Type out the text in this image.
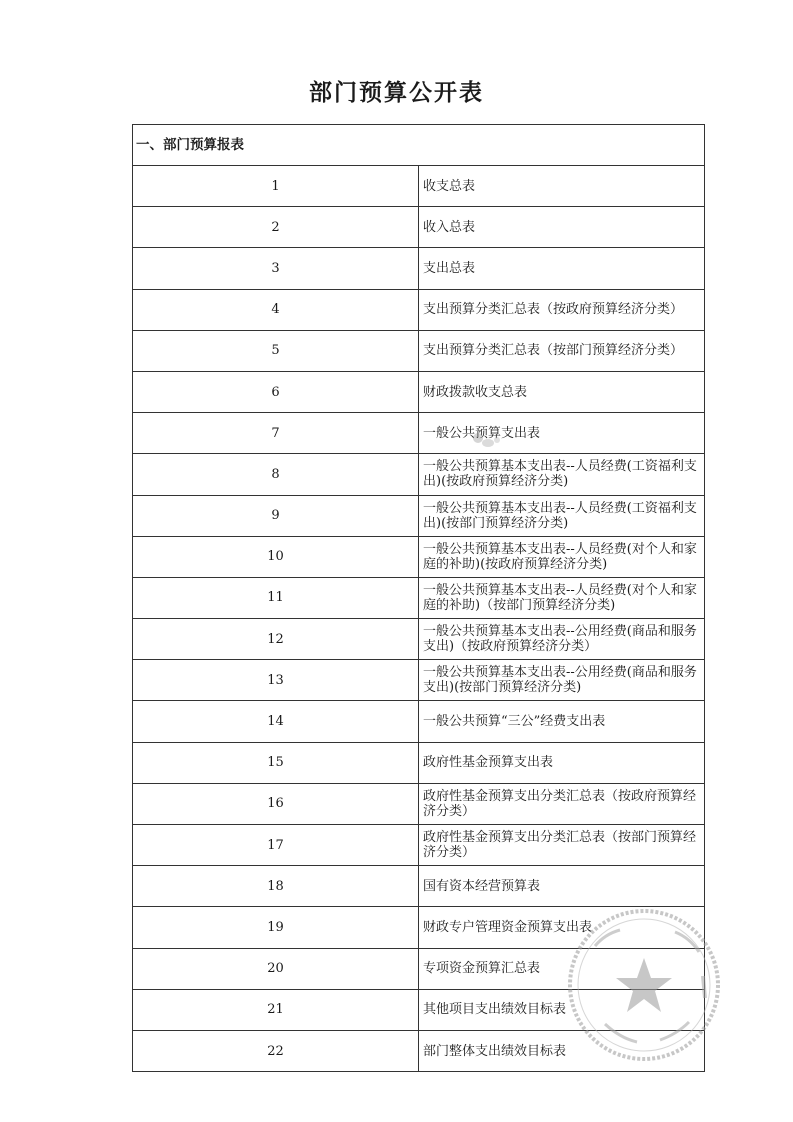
部门预算公开表
一、部门预算报表	
1	收支总表
2	收入总表
3	支出总表
4	支出预算分类汇总表（按政府预算经济分类）
5	支出预算分类汇总表（按部门预算经济分类）
6	财政拨款收支总表
7	一般公共预算支出表
8	一般公共预算基本支出表--人员经费(工资福利支出)(按政府预算经济分类)
9	一般公共预算基本支出表--人员经费(工资福利支出)(按部门预算经济分类)
10	一般公共预算基本支出表--人员经费(对个人和家庭的补助)(按政府预算经济分类)
11	一般公共预算基本支出表--人员经费(对个人和家庭的补助)（按部门预算经济分类)
12	一般公共预算基本支出表--公用经费(商品和服务支出)（按政府预算经济分类）
13	一般公共预算基本支出表--公用经费(商品和服务支出)(按部门预算经济分类)
14	一般公共预算“三公”经费支出表
15	政府性基金预算支出表
16	政府性基金预算支出分类汇总表（按政府预算经济分类）
17	政府性基金预算支出分类汇总表（按部门预算经济分类）
18	国有资本经营预算表
19	财政专户管理资金预算支出表
20	专项资金预算汇总表
21	其他项目支出绩效目标表
22	部门整体支出绩效目标表
